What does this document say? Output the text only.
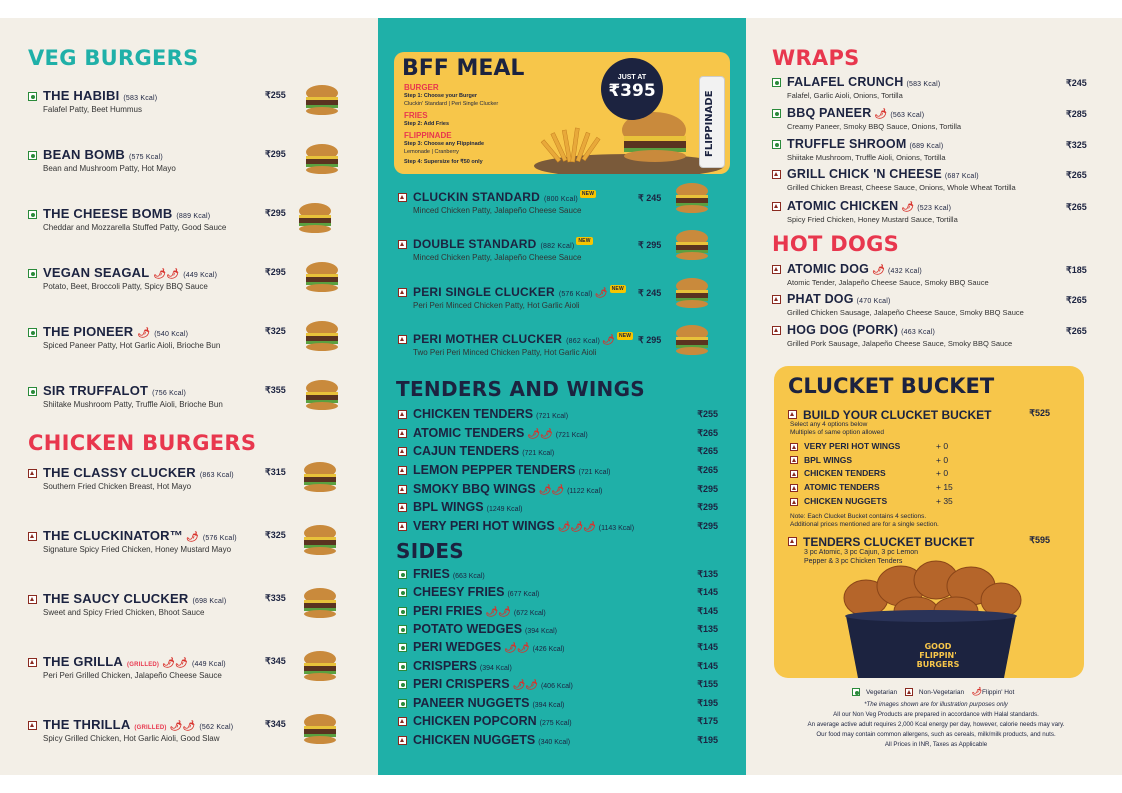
VEG BURGERS
THE HABIBI (583 Kcal)
Falafel Patty, Beet Hummus
₹255
BEAN BOMB (575 Kcal)
Bean and Mushroom Patty, Hot Mayo
₹295
THE CHEESE BOMB (889 Kcal)
Cheddar and Mozzarella Stuffed Patty, Good Sauce
₹295
VEGAN SEAGAL 🌶🌶 (449 Kcal)
Potato, Beet, Broccoli Patty, Spicy BBQ Sauce
₹295
THE PIONEER 🌶 (540 Kcal)
Spiced Paneer Patty, Hot Garlic Aioli, Brioche Bun
₹325
SIR TRUFFALOT (756 Kcal)
Shiitake Mushroom Patty, Truffle Aioli, Brioche Bun
₹355
CHICKEN BURGERS
THE CLASSY CLUCKER (863 Kcal)
Southern Fried Chicken Breast, Hot Mayo
₹315
THE CLUCKINATOR™ 🌶 (576 Kcal)
Signature Spicy Fried Chicken, Honey Mustard Mayo
₹325
THE SAUCY CLUCKER (698 Kcal)
Sweet and Spicy Fried Chicken, Bhoot Sauce
₹335
THE GRILLA (GRILLED) 🌶🌶 (449 Kcal)
Peri Peri Grilled Chicken, Jalapeño Cheese Sauce
₹345
THE THRILLA (GRILLED) 🌶🌶 (562 Kcal)
Spicy Grilled Chicken, Hot Garlic Aioli, Good Slaw
₹345
BFF MEAL
BURGER
Step 1: Choose your Burger
Cluckin' Standard | Peri Single Clucker
FRIES
Step 2: Add Fries
FLIPPINADE
Step 3: Choose any Flippinade
Lemonade | Cranberry
Step 4: Supersize for ₹50 only
JUST AT
₹395	FLIPPINADE
CLUCKIN STANDARD (800 Kcal)NEW
Minced Chicken Patty, Jalapeño Cheese Sauce
₹ 245
DOUBLE STANDARD (882 Kcal)NEW
Minced Chicken Patty, Jalapeño Cheese Sauce
₹ 295
PERI SINGLE CLUCKER (576 Kcal) 🌶 NEW
Peri Peri Minced Chicken Patty, Hot Garlic Aioli
₹ 245
PERI MOTHER CLUCKER (862 Kcal) 🌶 NEW
Two Peri Peri Minced Chicken Patty, Hot Garlic Aioli
₹ 295
TENDERS AND WINGS
CHICKEN TENDERS (721 Kcal)	₹255
ATOMIC TENDERS 🌶🌶 (721 Kcal)	₹265
CAJUN TENDERS (721 Kcal)	₹265
LEMON PEPPER TENDERS (721 Kcal)	₹265
SMOKY BBQ WINGS 🌶🌶 (1122 Kcal)	₹295
BPL WINGS (1249 Kcal)	₹295
VERY PERI HOT WINGS 🌶🌶🌶 (1143 Kcal)	₹295
SIDES
FRIES (663 Kcal)	₹135
CHEESY FRIES (677 Kcal)	₹145
PERI FRIES 🌶🌶 (672 Kcal)	₹145
POTATO WEDGES (394 Kcal)	₹135
PERI WEDGES 🌶🌶 (426 Kcal)	₹145
CRISPERS (394 Kcal)	₹145
PERI CRISPERS 🌶🌶 (406 Kcal)	₹155
PANEER NUGGETS (394 Kcal)	₹195
CHICKEN POPCORN (275 Kcal)	₹175
CHICKEN NUGGETS (340 Kcal)	₹195
WRAPS
FALAFEL CRUNCH (583 Kcal)
Falafel, Garlic Aioli, Onions, Tortilla
₹245
BBQ PANEER 🌶 (563 Kcal)
Creamy Paneer, Smoky BBQ Sauce, Onions, Tortilla
₹285
TRUFFLE SHROOM (689 Kcal)
Shiitake Mushroom, Truffle Aioli, Onions, Tortilla
₹325
GRILL CHICK 'N CHEESE (687 Kcal)
Grilled Chicken Breast, Cheese Sauce, Onions, Whole Wheat Tortilla
₹265
ATOMIC CHICKEN 🌶 (523 Kcal)
Spicy Fried Chicken, Honey Mustard Sauce, Tortilla
₹265
HOT DOGS
ATOMIC DOG 🌶 (432 Kcal)
Atomic Tender, Jalapeño Cheese Sauce, Smoky BBQ Sauce
₹185
PHAT DOG (470 Kcal)
Grilled Chicken Sausage, Jalapeño Cheese Sauce, Smoky BBQ Sauce
₹265
HOG DOG (PORK) (463 Kcal)
Grilled Pork Sausage, Jalapeño Cheese Sauce, Smoky BBQ Sauce
₹265
CLUCKET BUCKET
BUILD YOUR CLUCKET BUCKET	₹525
Select any 4 options below
Multiples of same option allowed
VERY PERI HOT WINGS	+ 0
BPL WINGS	+ 0
CHICKEN TENDERS	+ 0
ATOMIC TENDERS	+ 15
CHICKEN NUGGETS	+ 35
Note: Each Clucket Bucket contains 4 sections.
Additional prices mentioned are for a single section.
TENDERS CLUCKET BUCKET	₹595
3 pc Atomic, 3 pc Cajun, 3 pc Lemon
Pepper & 3 pc Chicken Tenders
GOOD
FLIPPIN'
BURGERS
Vegetarian	Non-Vegetarian 🌶Flippin' Hot
*The images shown are for illustration purposes only
All our Non Veg Products are prepared in accordance with Halal standards.
An average active adult requires 2,000 Kcal energy per day, however, calorie needs may vary.
Our food may contain common allergens, such as cereals, milk/milk products, and nuts.
All Prices in INR, Taxes as Applicable
